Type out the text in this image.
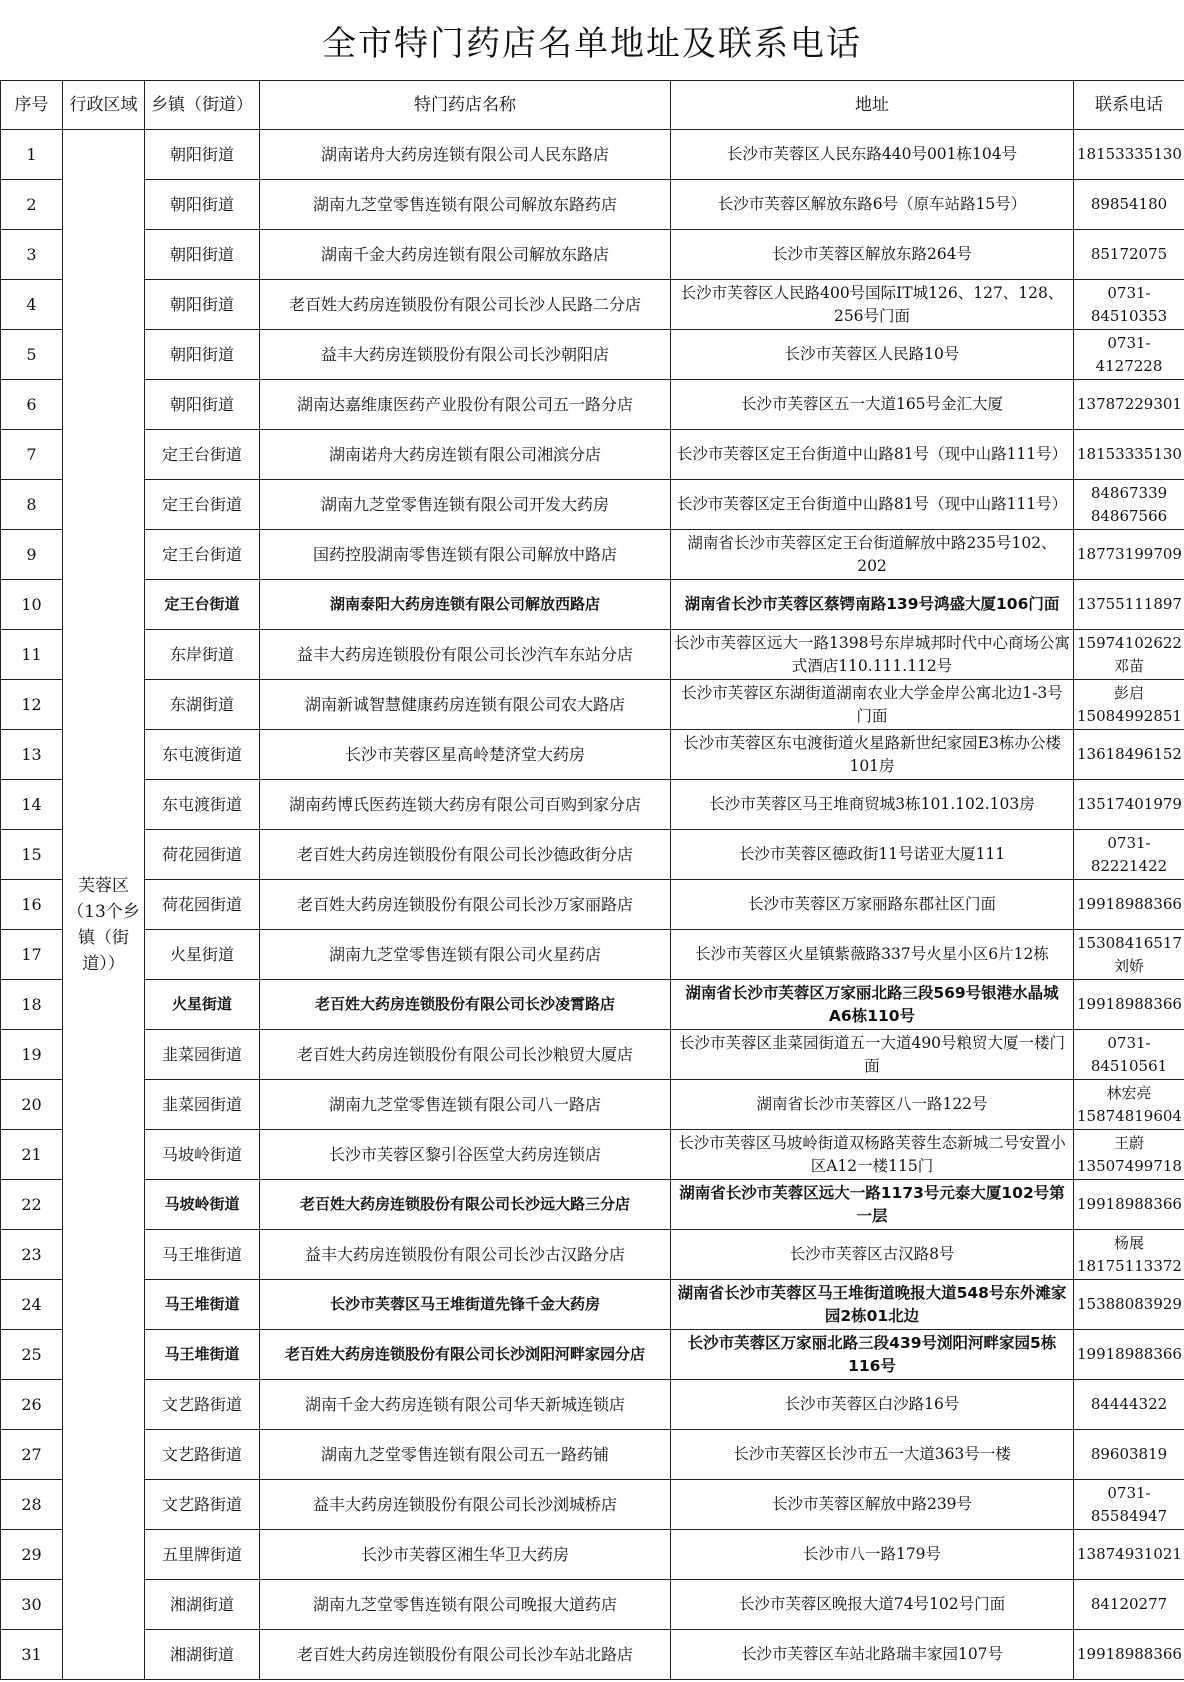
全市特门药店名单地址及联系电话
序号	行政区域	乡镇（街道）	特门药店名称	地址	联系电话
1	芙蓉区（13个乡镇（街道））	朝阳街道	湖南诺舟大药房连锁有限公司人民东路店	长沙市芙蓉区人民东路440号001栋104号	18153335130
2		朝阳街道	湖南九芝堂零售连锁有限公司解放东路药店	长沙市芙蓉区解放东路6号（原车站路15号）	89854180
3		朝阳街道	湖南千金大药房连锁有限公司解放东路店	长沙市芙蓉区解放东路264号	85172075
4		朝阳街道	老百姓大药房连锁股份有限公司长沙人民路二分店	长沙市芙蓉区人民路400号国际IT城126、127、128、256号门面	0731-84510353
5		朝阳街道	益丰大药房连锁股份有限公司长沙朝阳店	长沙市芙蓉区人民路10号	0731-4127228
6		朝阳街道	湖南达嘉维康医药产业股份有限公司五一路分店	长沙市芙蓉区五一大道165号金汇大厦	13787229301
7		定王台街道	湖南诺舟大药房连锁有限公司湘滨分店	长沙市芙蓉区定王台街道中山路81号（现中山路111号）	18153335130
8		定王台街道	湖南九芝堂零售连锁有限公司开发大药房	长沙市芙蓉区定王台街道中山路81号（现中山路111号）	84867339 84867566
9		定王台街道	国药控股湖南零售连锁有限公司解放中路店	湖南省长沙市芙蓉区定王台街道解放中路235号102、202	18773199709
10		定王台街道	湖南泰阳大药房连锁有限公司解放西路店	湖南省长沙市芙蓉区蔡锷南路139号鸿盛大厦106门面	13755111897
11		东岸街道	益丰大药房连锁股份有限公司长沙汽车东站分店	长沙市芙蓉区远大一路1398号东岸城邦时代中心商场公寓式酒店110.111.112号	15974102622 邓苗
12		东湖街道	湖南新诚智慧健康药房连锁有限公司农大路店	长沙市芙蓉区东湖街道湖南农业大学金岸公寓北边1-3号门面	彭启 15084992851
13		东屯渡街道	长沙市芙蓉区星高岭楚济堂大药房	长沙市芙蓉区东屯渡街道火星路新世纪家园E3栋办公楼101房	13618496152
14		东屯渡街道	湖南药博氏医药连锁大药房有限公司百购到家分店	长沙市芙蓉区马王堆商贸城3栋101.102.103房	13517401979
15		荷花园街道	老百姓大药房连锁股份有限公司长沙德政街分店	长沙市芙蓉区德政街11号诺亚大厦111	0731-82221422
16		荷花园街道	老百姓大药房连锁股份有限公司长沙万家丽路店	长沙市芙蓉区万家丽路东郡社区门面	19918988366
17		火星街道	湖南九芝堂零售连锁有限公司火星药店	长沙市芙蓉区火星镇紫薇路337号火星小区6片12栋	15308416517 刘娇
18		火星街道	老百姓大药房连锁股份有限公司长沙凌霄路店	湖南省长沙市芙蓉区万家丽北路三段569号银港水晶城A6栋110号	19918988366
19		韭菜园街道	老百姓大药房连锁股份有限公司长沙粮贸大厦店	长沙市芙蓉区韭菜园街道五一大道490号粮贸大厦一楼门面	0731-84510561
20		韭菜园街道	湖南九芝堂零售连锁有限公司八一路店	湖南省长沙市芙蓉区八一路122号	林宏亮 15874819604
21		马坡岭街道	长沙市芙蓉区黎引谷医堂大药房连锁店	长沙市芙蓉区马坡岭街道双杨路芙蓉生态新城二号安置小区A12一楼115门	王蔚 13507499718
22		马坡岭街道	老百姓大药房连锁股份有限公司长沙远大路三分店	湖南省长沙市芙蓉区远大一路1173号元泰大厦102号第一层	19918988366
23		马王堆街道	益丰大药房连锁股份有限公司长沙古汉路分店	长沙市芙蓉区古汉路8号	杨展 18175113372
24		马王堆街道	长沙市芙蓉区马王堆街道先锋千金大药房	湖南省长沙市芙蓉区马王堆街道晚报大道548号东外滩家园2栋01北边	15388083929
25		马王堆街道	老百姓大药房连锁股份有限公司长沙浏阳河畔家园分店	长沙市芙蓉区万家丽北路三段439号浏阳河畔家园5栋116号	19918988366
26		文艺路街道	湖南千金大药房连锁有限公司华天新城连锁店	长沙市芙蓉区白沙路16号	84444322
27		文艺路街道	湖南九芝堂零售连锁有限公司五一路药铺	长沙市芙蓉区长沙市五一大道363号一楼	89603819
28		文艺路街道	益丰大药房连锁股份有限公司长沙浏城桥店	长沙市芙蓉区解放中路239号	0731-85584947
29		五里牌街道	长沙市芙蓉区湘生华卫大药房	长沙市八一路179号	13874931021
30		湘湖街道	湖南九芝堂零售连锁有限公司晚报大道药店	长沙市芙蓉区晚报大道74号102号门面	84120277
31		湘湖街道	老百姓大药房连锁股份有限公司长沙车站北路店	长沙市芙蓉区车站北路瑞丰家园107号	19918988366
